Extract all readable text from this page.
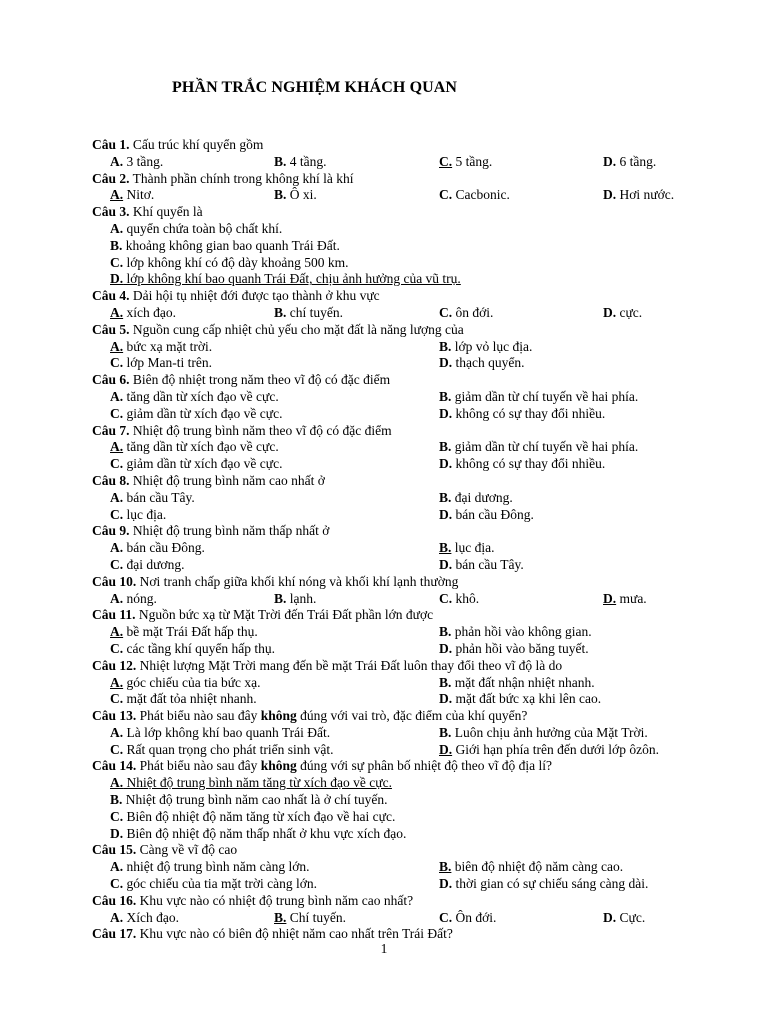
PHẦN TRẮC NGHIỆM KHÁCH QUAN
Câu 1. Cấu trúc khí quyển gồm
A. 3 tầng.	B. 4 tầng.	C. 5 tầng.	D. 6 tầng.
Câu 2. Thành phần chính trong không khí là khí
A. Nitơ.	B. Ô xi.	C. Cacbonic.	D. Hơi nước.
Câu 3. Khí quyển là
A. quyển chứa toàn bộ chất khí.
B. khoảng không gian bao quanh Trái Đất.
C. lớp không khí có độ dày khoảng 500 km.
D. lớp không khí bao quanh Trái Đất, chịu ảnh hưởng của vũ trụ.
Câu 4. Dải hội tụ nhiệt đới được tạo thành ở khu vực
A. xích đạo.	B. chí tuyến.	C. ôn đới.	D. cực.
Câu 5. Nguồn cung cấp nhiệt chủ yếu cho mặt đất là năng lượng của
A. bức xạ mặt trời.	B. lớp vỏ lục địa.
C. lớp Man-ti trên.	D. thạch quyển.
Câu 6. Biên độ nhiệt trong năm theo vĩ độ có đặc điểm
A. tăng dần từ xích đạo về cực.	B. giảm dần từ chí tuyến về hai phía.
C. giảm dần từ xích đạo về cực.	D. không có sự thay đổi nhiều.
Câu 7. Nhiệt độ trung bình năm theo vĩ độ có đặc điểm
A. tăng dần từ xích đạo về cực.	B. giảm dần từ chí tuyến về hai phía.
C. giảm dần từ xích đạo về cực.	D. không có sự thay đổi nhiều.
Câu 8. Nhiệt độ trung bình năm cao nhất ở
A. bán cầu Tây.	B. đại dương.
C. lục địa.	D. bán cầu Đông.
Câu 9. Nhiệt độ trung bình năm thấp nhất ở
A. bán cầu Đông.	B. lục địa.
C. đại dương.	D. bán cầu Tây.
Câu 10. Nơi tranh chấp giữa khối khí nóng và khối khí lạnh thường
A. nóng.	B. lạnh.	C. khô.	D. mưa.
Câu 11. Nguồn bức xạ từ Mặt Trời đến Trái Đất phần lớn được
A. bề mặt Trái Đất hấp thụ.	B. phản hồi vào không gian.
C. các tầng khí quyển hấp thụ.	D. phản hồi vào băng tuyết.
Câu 12. Nhiệt lượng Mặt Trời mang đến bề mặt Trái Đất luôn thay đổi theo vĩ độ là do
A. góc chiếu của tia bức xạ.	B. mặt đất nhận nhiệt nhanh.
C. mặt đất tỏa nhiệt nhanh.	D. mặt đất bức xạ khi lên cao.
Câu 13. Phát biểu nào sau đây không đúng với vai trò, đặc điểm của khí quyển?
A. Là lớp không khí bao quanh Trái Đất.	B. Luôn chịu ảnh hưởng của Mặt Trời.
C. Rất quan trọng cho phát triển sinh vật.	D. Giới hạn phía trên đến dưới lớp ôzôn.
Câu 14. Phát biểu nào sau đây không đúng với sự phân bố nhiệt độ theo vĩ độ địa lí?
A. Nhiệt độ trung bình năm tăng từ xích đạo về cực.
B. Nhiệt độ trung bình năm cao nhất là ở chí tuyến.
C. Biên độ nhiệt độ năm tăng từ xích đạo về hai cực.
D. Biên độ nhiệt độ năm thấp nhất ở khu vực xích đạo.
Câu 15. Càng về vĩ độ cao
A. nhiệt độ trung bình năm càng lớn.	B. biên độ nhiệt độ năm càng cao.
C. góc chiếu của tia mặt trời càng lớn.	D. thời gian có sự chiếu sáng càng dài.
Câu 16. Khu vực nào có nhiệt độ trung bình năm cao nhất?
A. Xích đạo.	B. Chí tuyến.	C. Ôn đới.	D. Cực.
Câu 17. Khu vực nào có biên độ nhiệt năm cao nhất trên Trái Đất?
1
